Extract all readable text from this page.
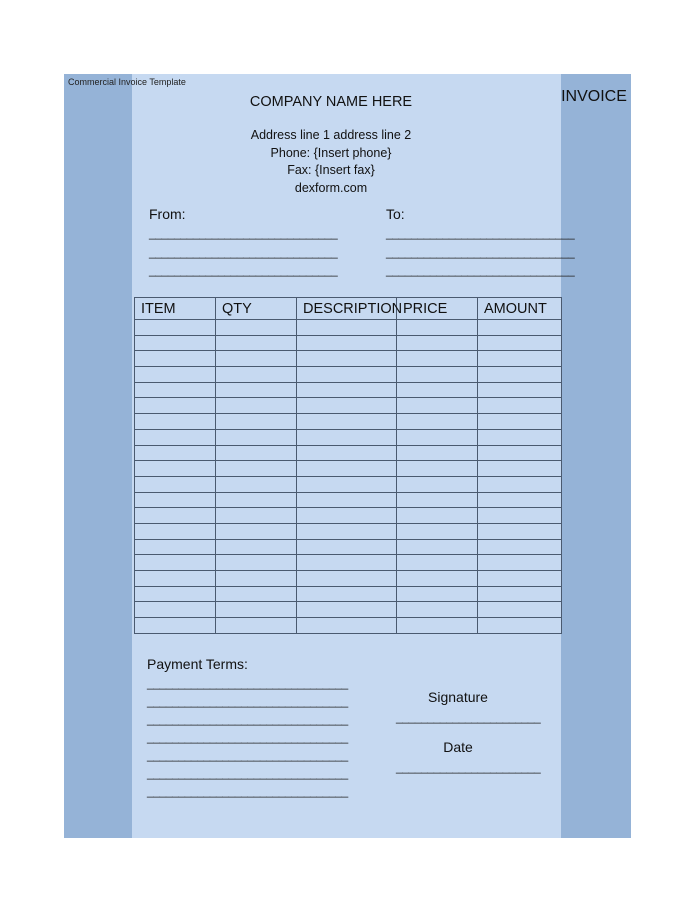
Commercial Invoice Template
INVOICE
COMPANY NAME HERE
Address line 1 address line 2
Phone: {Insert phone}
Fax: {Insert fax}
dexform.com
From:	To:
______________________________
______________________________
______________________________
______________________________
______________________________
______________________________
ITEM	QTY	DESCRIPTION	PRICE	AMOUNT

Payment Terms:
________________________________
________________________________
________________________________
________________________________
________________________________
________________________________
________________________________
Signature
_______________________
Date
_______________________
